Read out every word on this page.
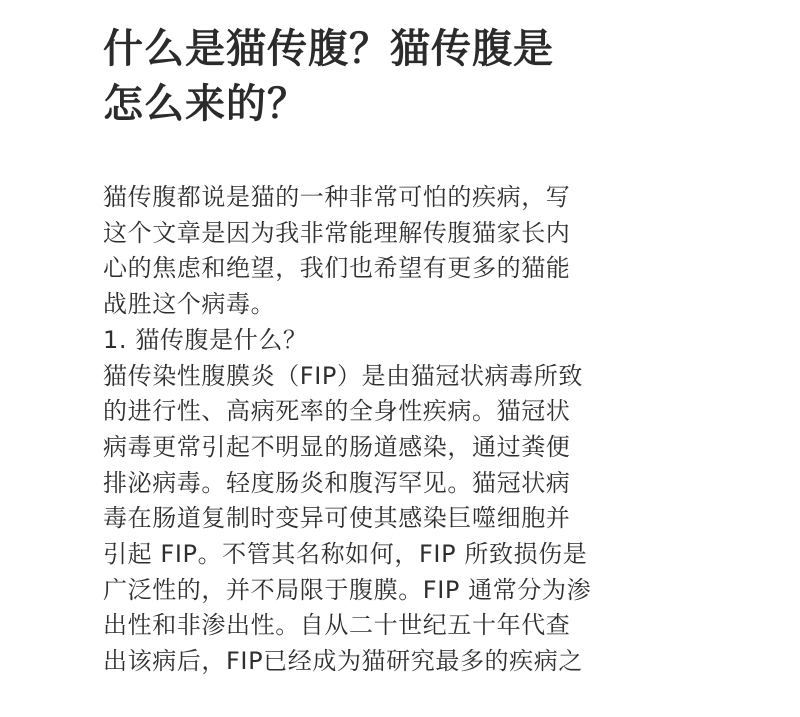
什么是猫传腹？猫传腹是
怎么来的？
猫传腹都说是猫的一种非常可怕的疾病，写
这个文章是因为我非常能理解传腹猫家长内
心的焦虑和绝望，我们也希望有更多的猫能
战胜这个病毒。
1. 猫传腹是什么？
猫传染性腹膜炎（FIP）是由猫冠状病毒所致
的进行性、高病死率的全身性疾病。猫冠状
病毒更常引起不明显的肠道感染，通过粪便
排泌病毒。轻度肠炎和腹泻罕见。猫冠状病
毒在肠道复制时变异可使其感染巨噬细胞并
引起 FIP。不管其名称如何，FIP 所致损伤是
广泛性的，并不局限于腹膜。FIP 通常分为渗
出性和非渗出性。自从二十世纪五十年代查
出该病后，FIP已经成为猫研究最多的疾病之
